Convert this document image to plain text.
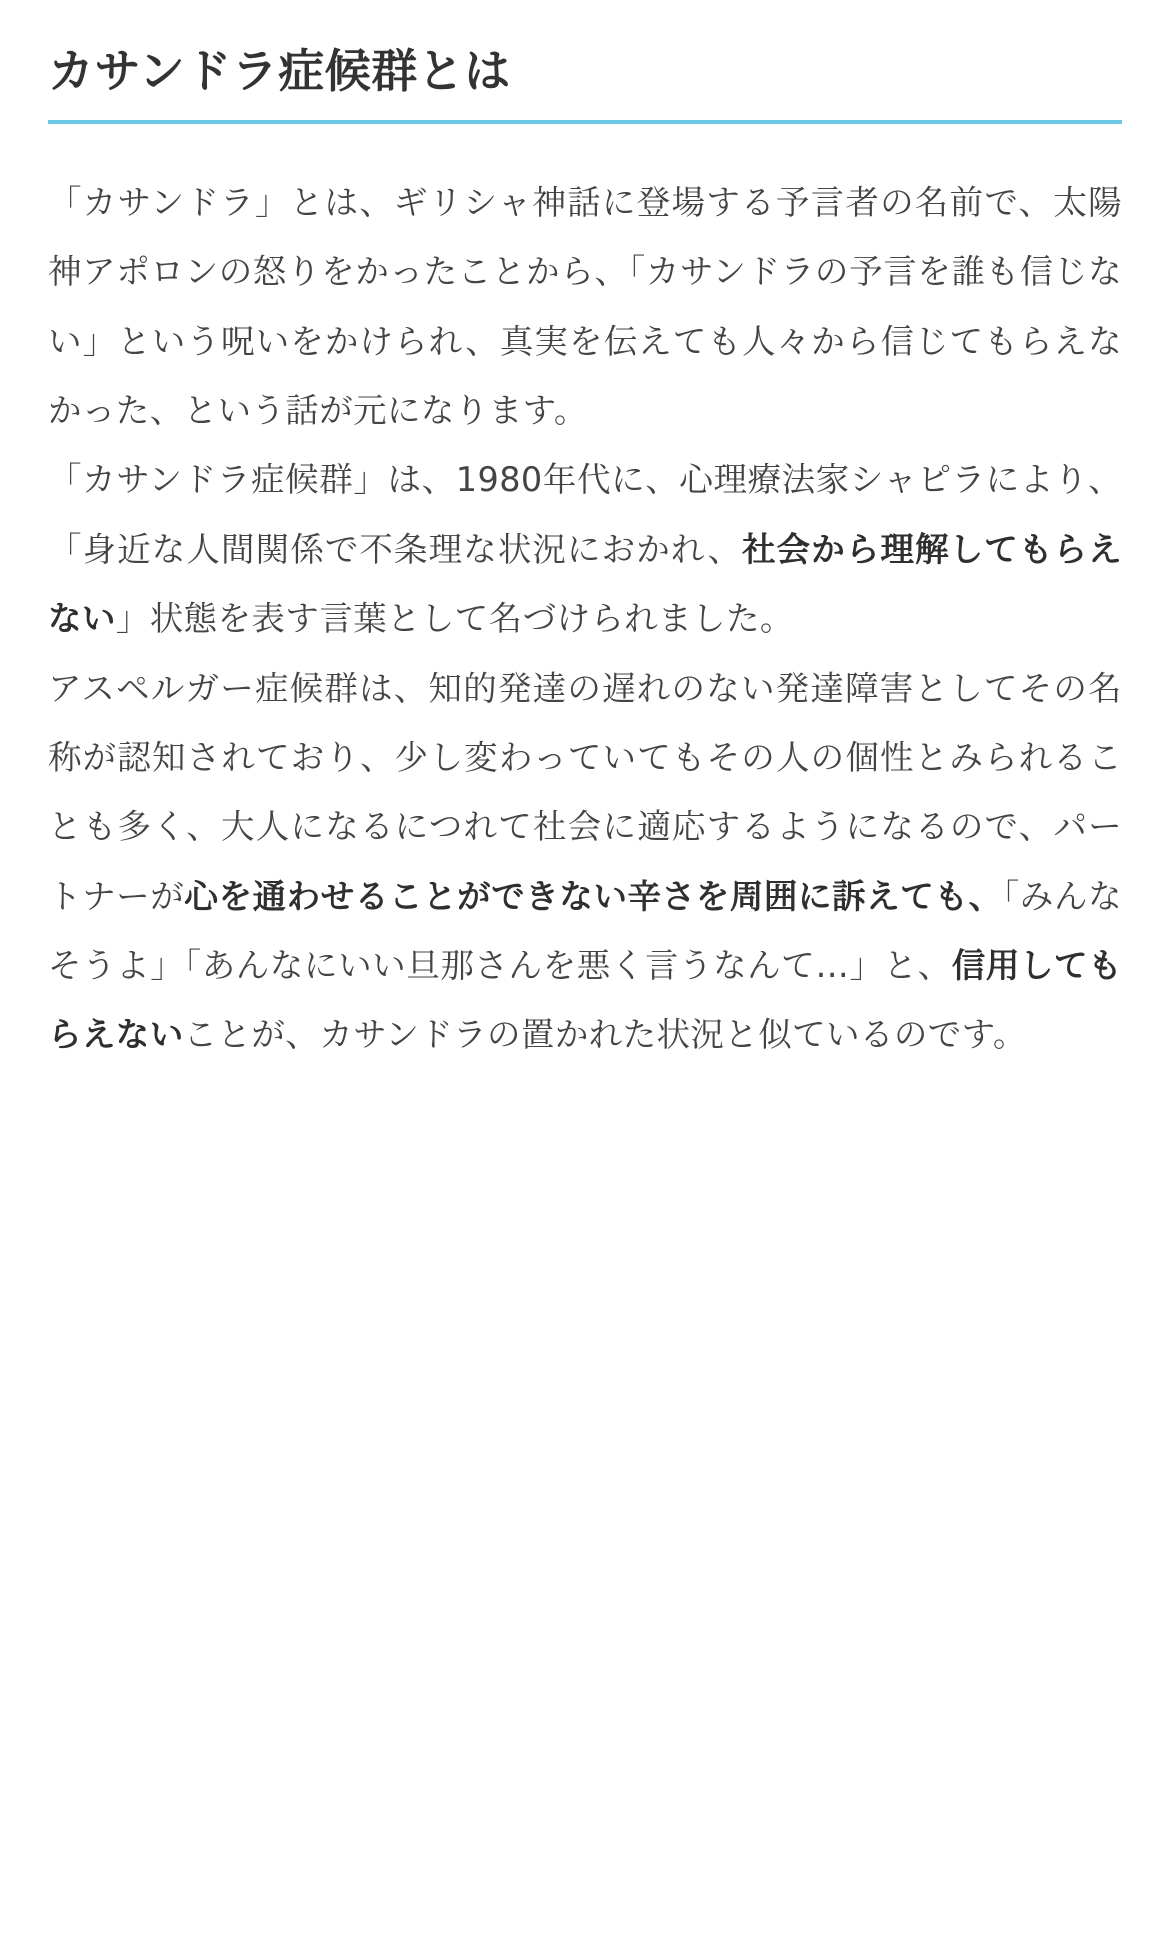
カサンドラ症候群とは

「カサンドラ」とは、ギリシャ神話に登場する予言者の名前で、太陽神アポロンの怒りをかったことから、「カサンドラの予言を誰も信じない」という呪いをかけられ、真実を伝えても人々から信じてもらえなかった、という話が元になります。

「カサンドラ症候群」は、1980年代に、心理療法家シャピラにより、「身近な人間関係で不条理な状況におかれ、社会から理解してもらえない」状態を表す言葉として名づけられました。

アスペルガー症候群は、知的発達の遅れのない発達障害としてその名称が認知されており、少し変わっていてもその人の個性とみられることも多く、大人になるにつれて社会に適応するようになるので、パートナーが心を通わせることができない辛さを周囲に訴えても、「みんなそうよ」「あんなにいい旦那さんを悪く言うなんて…」と、信用してもらえないことが、カサンドラの置かれた状況と似ているのです。
